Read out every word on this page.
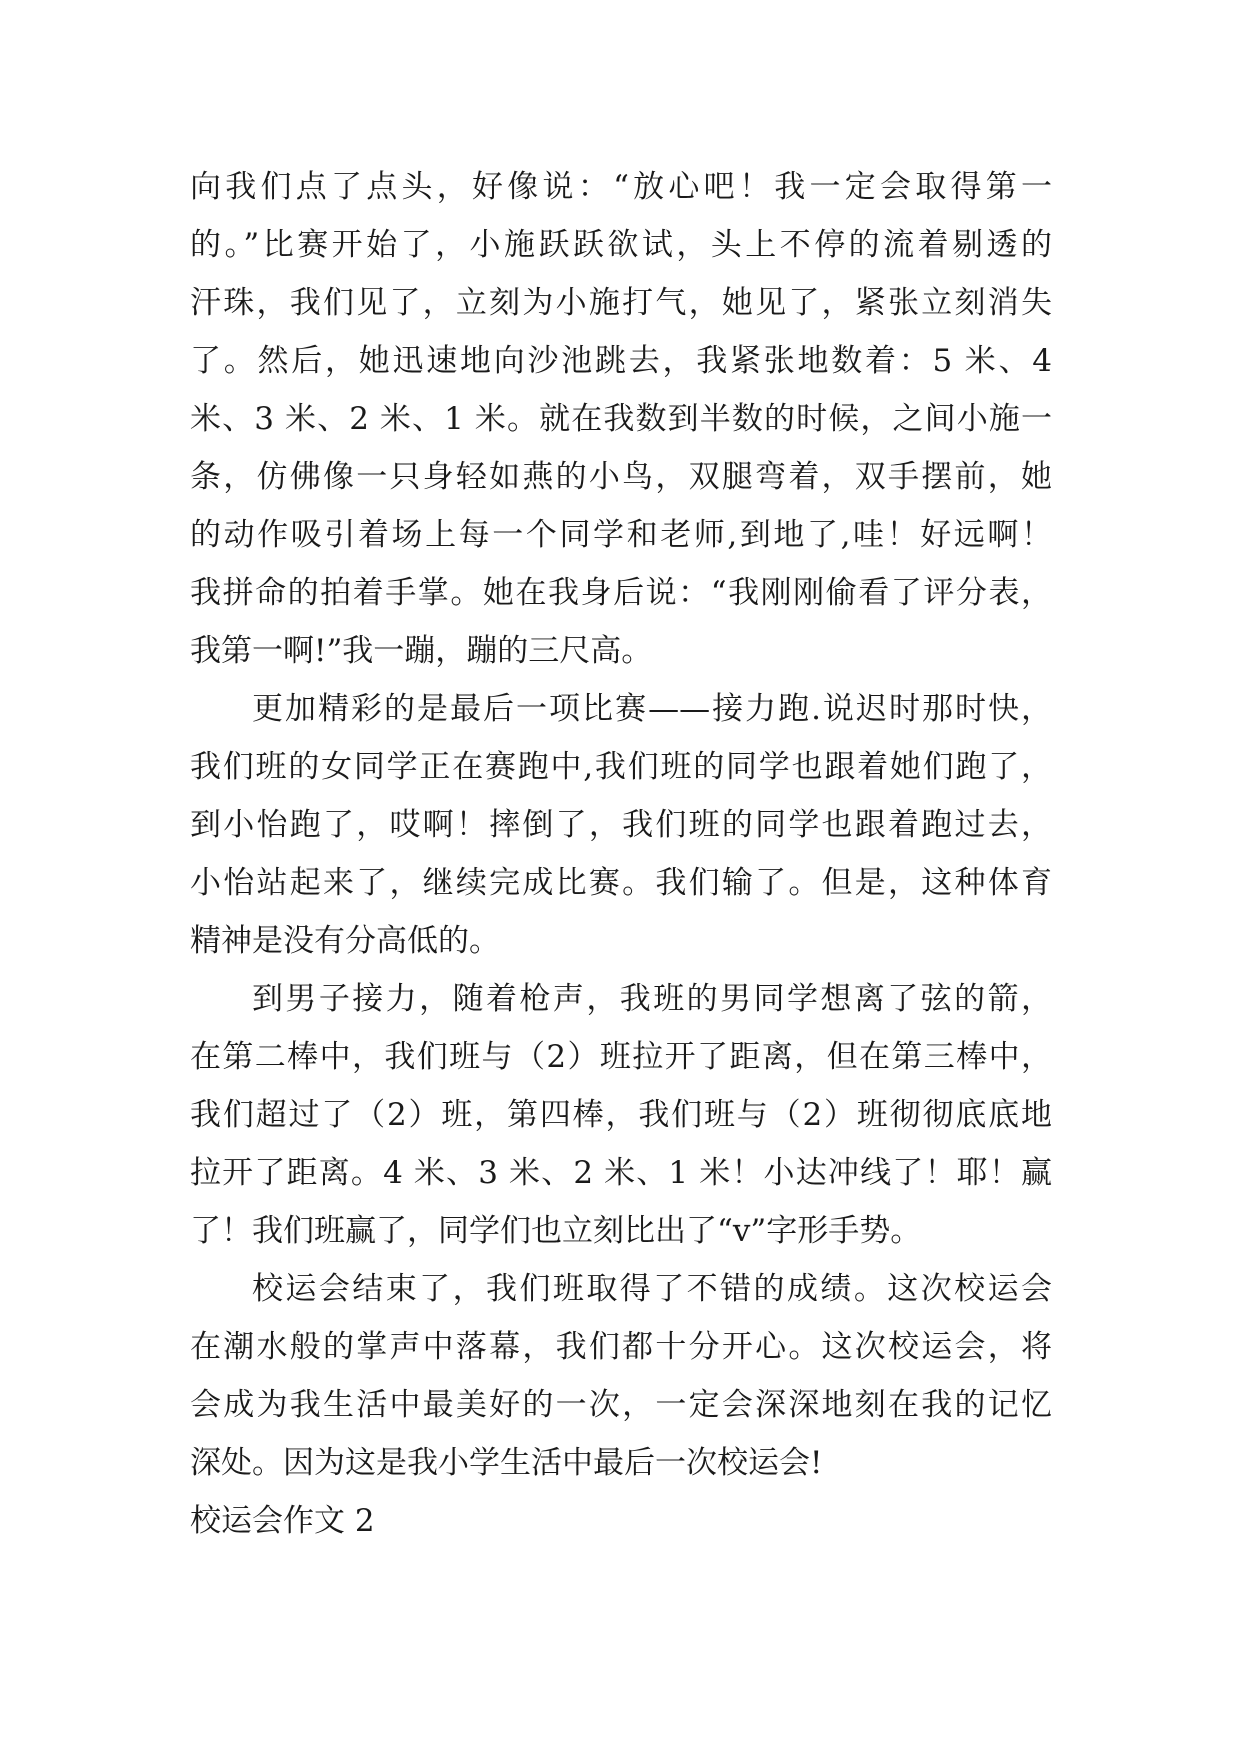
向我们点了点头，好像说：“放心吧！我一定会取得第一
的。”比赛开始了，小施跃跃欲试，头上不停的流着剔透的
汗珠，我们见了，立刻为小施打气，她见了，紧张立刻消失
了。然后，她迅速地向沙池跳去，我紧张地数着：5 米、4
米、3 米、2 米、1 米。就在我数到半数的时候，之间小施一
条，仿佛像一只身轻如燕的小鸟，双腿弯着，双手摆前，她
的动作吸引着场上每一个同学和老师,到地了,哇！好远啊！
我拼命的拍着手掌。她在我身后说：“我刚刚偷看了评分表，
我第一啊!”我一蹦，蹦的三尺高。
更加精彩的是最后一项比赛——接力跑.说迟时那时快，
我们班的女同学正在赛跑中,我们班的同学也跟着她们跑了，
到小怡跑了，哎啊！摔倒了，我们班的同学也跟着跑过去，
小怡站起来了，继续完成比赛。我们输了。但是，这种体育
精神是没有分高低的。
到男子接力，随着枪声，我班的男同学想离了弦的箭，
在第二棒中，我们班与（2）班拉开了距离，但在第三棒中，
我们超过了（2）班，第四棒，我们班与（2）班彻彻底底地
拉开了距离。4 米、3 米、2 米、1 米！小达冲线了！耶！赢
了！我们班赢了，同学们也立刻比出了“v”字形手势。
校运会结束了，我们班取得了不错的成绩。这次校运会
在潮水般的掌声中落幕，我们都十分开心。这次校运会，将
会成为我生活中最美好的一次，一定会深深地刻在我的记忆
深处。因为这是我小学生活中最后一次校运会!
校运会作文 2
